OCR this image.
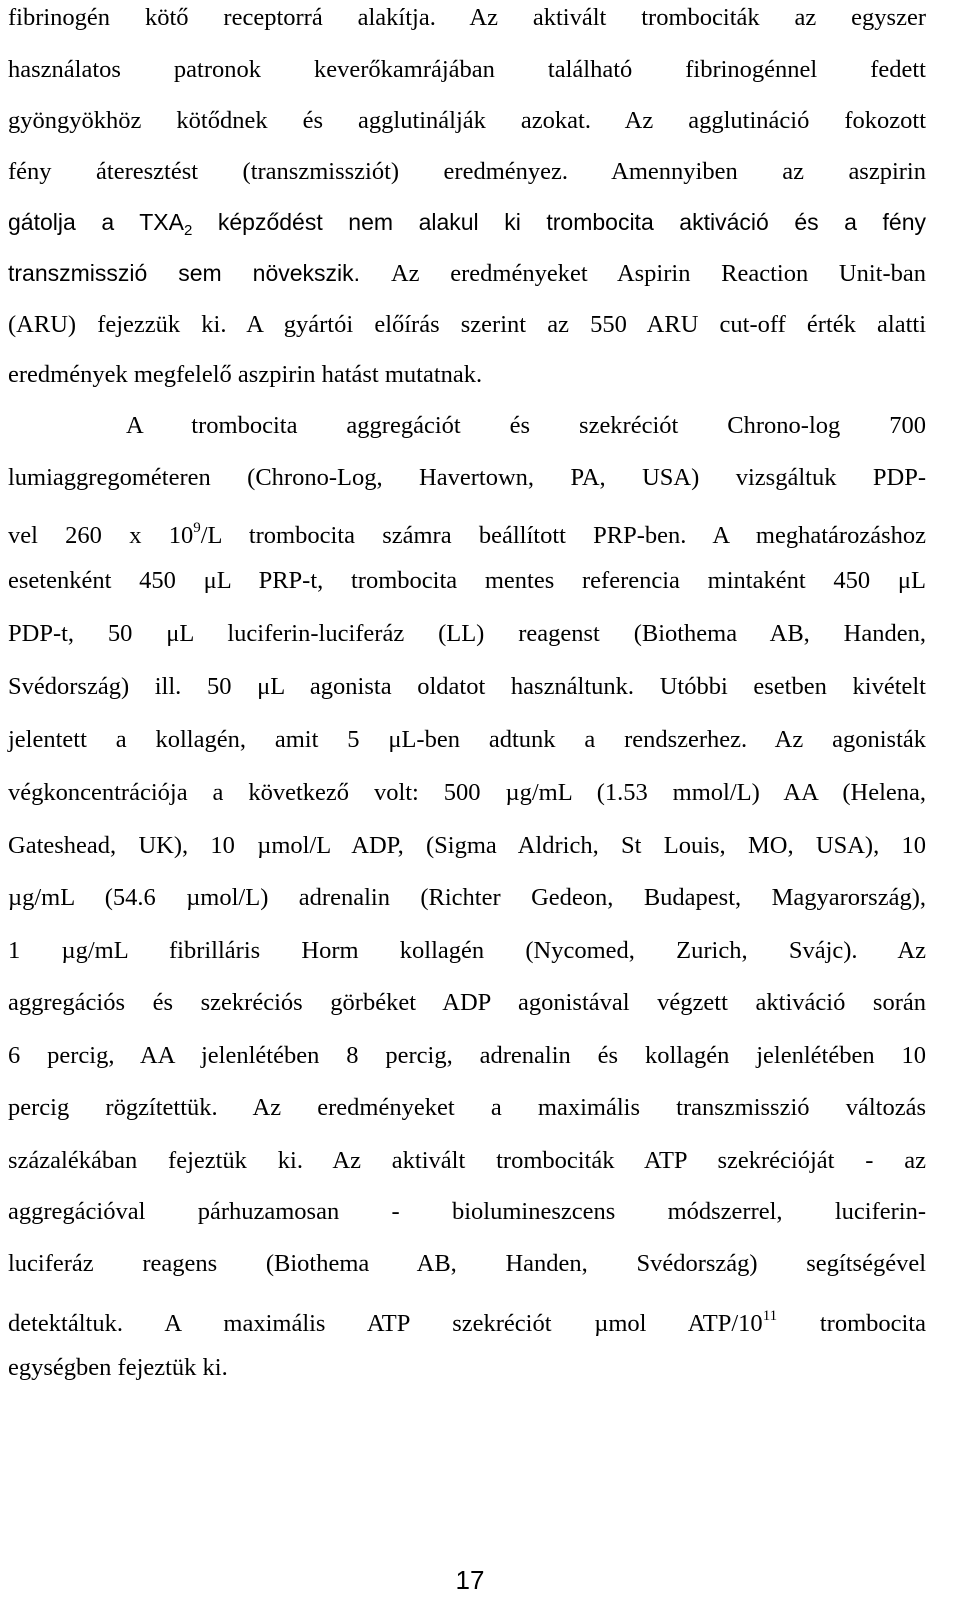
fibrinogén kötő receptorrá alakítja. Az aktivált trombociták az egyszer
használatos patronok keverőkamrájában található fibrinogénnel fedett
gyöngyökhöz kötődnek és agglutinálják azokat. Az agglutináció fokozott
fény áteresztést (transzmissziót) eredményez. Amennyiben az aszpirin
gátolja a $TXA_2$ képződést nem alakul ki trombocita aktiváció és a fény
transzmisszió sem növekszik. Az eredményeket Aspirin Reaction Unit-ban
(ARU) fejezzük ki. A gyártói előírás szerint az 550 ARU cut-off érték alatti
eredmények megfelelő aszpirin hatást mutatnak.
A trombocita aggregációt és szekréciót Chrono-log 700
lumiaggregométeren (Chrono-Log, Havertown, PA, USA) vizsgáltuk PDP-
vel 260 x $10^9/L$ trombocita számra beállított PRP-ben. A meghatározáshoz
esetenként 450 μL PRP-t, trombocita mentes referencia mintaként 450 μL
PDP-t, 50 μL luciferin-luciferáz (LL) reagenst (Biothema AB, Handen,
Svédország) ill. 50 μL agonista oldatot használtunk. Utóbbi esetben kivételt
jelentett a kollagén, amit 5 μL-ben adtunk a rendszerhez. Az agonisták
végkoncentrációja a következő volt: 500 µg/mL (1.53 mmol/L) AA (Helena,
Gateshead, UK), 10 µmol/L ADP, (Sigma Aldrich, St Louis, MO, USA), 10
µg/mL (54.6 µmol/L) adrenalin (Richter Gedeon, Budapest, Magyarország),
1 µg/mL fibrilláris Horm kollagén (Nycomed, Zurich, Svájc). Az
aggregációs és szekréciós görbéket ADP agonistával végzett aktiváció során
6 percig, AA jelenlétében 8 percig, adrenalin és kollagén jelenlétében 10
percig rögzítettük. Az eredményeket a maximális transzmisszió változás
százalékában fejeztük ki. Az aktivált trombociták ATP szekrécióját - az
aggregációval párhuzamosan - biolumineszcens módszerrel, luciferin-
luciferáz reagens (Biothema AB, Handen, Svédország) segítségével
detektáltuk. A maximális ATP szekréciót µmol ATP/$10^{11}$ trombocita
egységben fejeztük ki.
17
